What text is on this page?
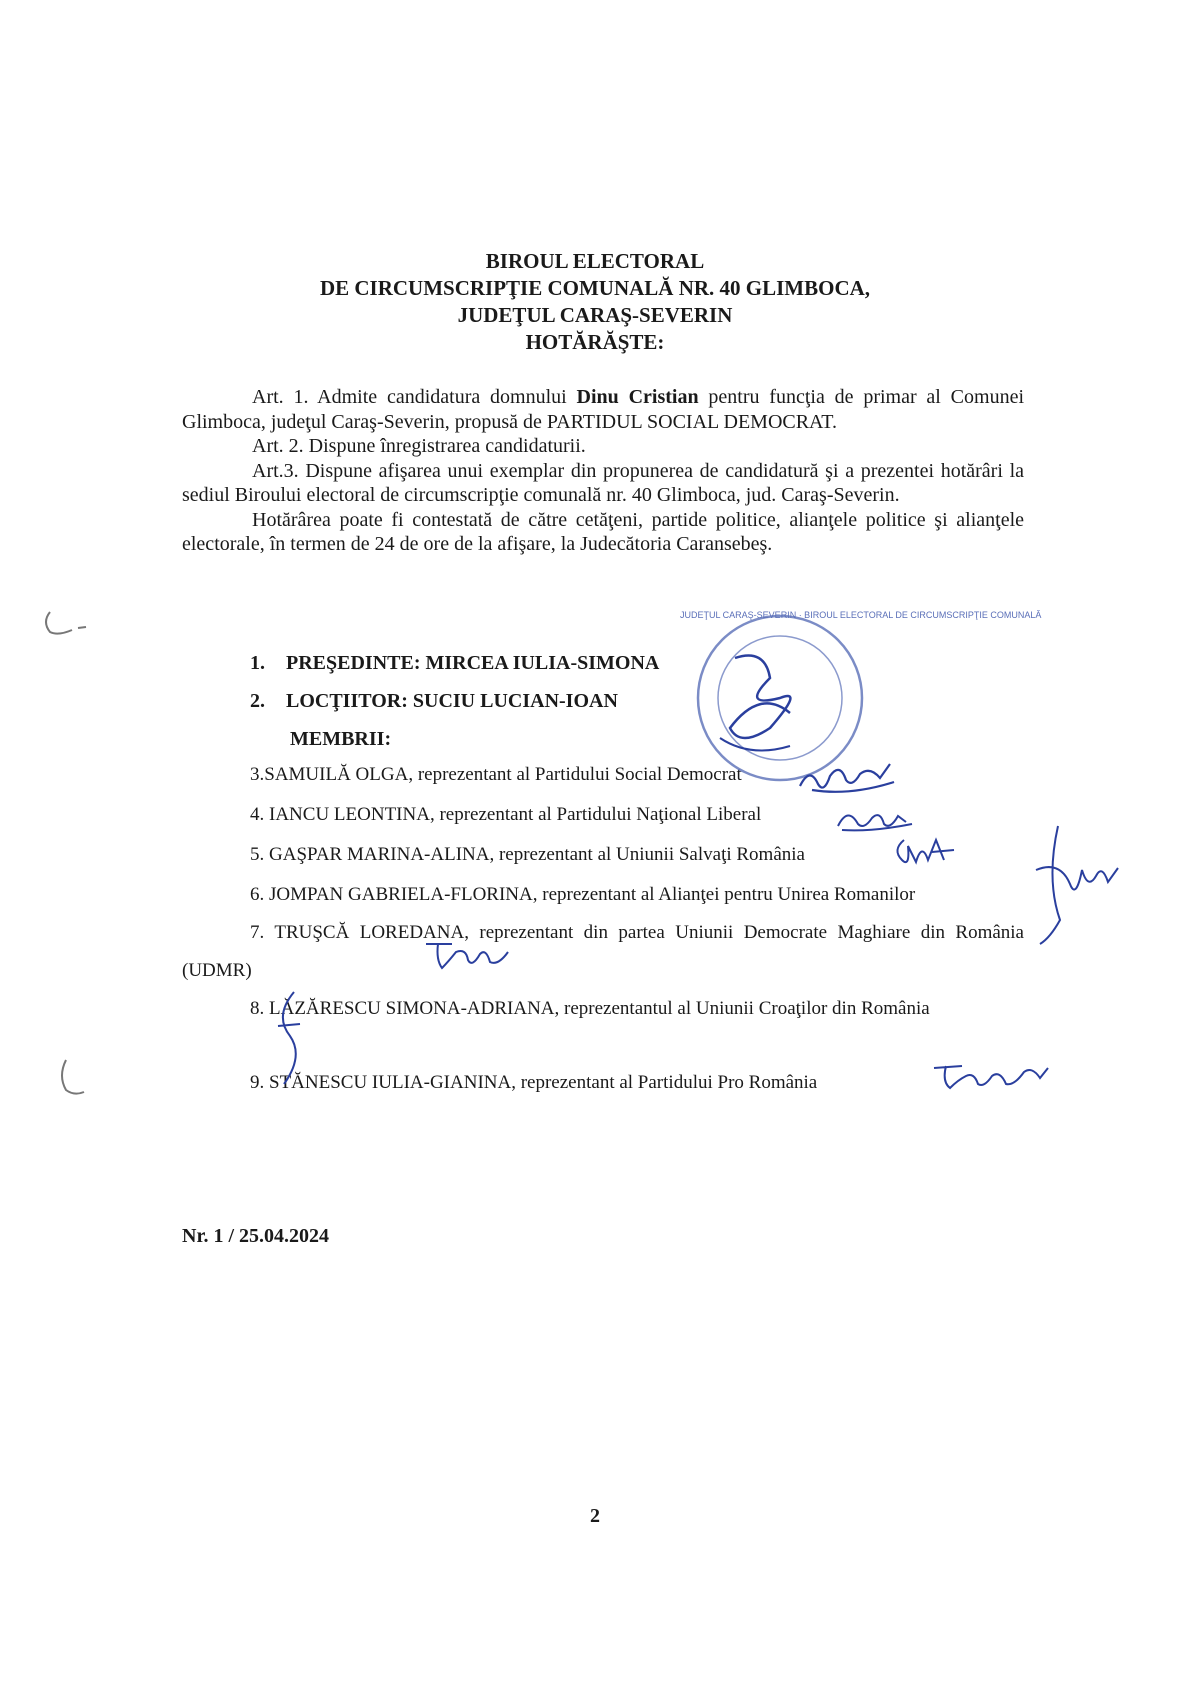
BIROUL ELECTORAL
DE CIRCUMSCRIPŢIE COMUNALĂ NR. 40 GLIMBOCA,
JUDEŢUL CARAŞ-SEVERIN
HOTĂRĂŞTE:

Art. 1. Admite candidatura domnului Dinu Cristian pentru funcţia de primar al Comunei Glimboca, judeţul Caraş-Severin, propusă de PARTIDUL SOCIAL DEMOCRAT.

Art. 2. Dispune înregistrarea candidaturii.

Art.3. Dispune afişarea unui exemplar din propunerea de candidatură şi a prezentei hotărâri la sediul Biroului electoral de circumscripţie comunală nr. 40 Glimboca, jud. Caraş-Severin.

Hotărârea poate fi contestată de către cetăţeni, partide politice, alianţele politice şi alianţele electorale, în termen de 24 de ore de la afişare, la Judecătoria Caransebeş.

1. PREŞEDINTE: MIRCEA IULIA-SIMONA
2. LOCŢIITOR: SUCIU LUCIAN-IOAN
MEMBRII:
3.SAMUILĂ OLGA, reprezentant al Partidului Social Democrat
4. IANCU LEONTINA, reprezentant al Partidului Naţional Liberal
5. GAŞPAR MARINA-ALINA, reprezentant al Uniunii Salvaţi România
6. JOMPAN GABRIELA-FLORINA, reprezentant al Alianţei pentru Unirea Romanilor
7. TRUŞCĂ LOREDANA, reprezentant din partea Uniunii Democrate Maghiare din România (UDMR)
8. LĂZĂRESCU SIMONA-ADRIANA, reprezentantul al Uniunii Croaţilor din România
9. STĂNESCU IULIA-GIANINA, reprezentant al Partidului Pro România
Nr. 1 / 25.04.2024
2
JUDEŢUL CARAŞ-SEVERIN · BIROUL ELECTORAL DE CIRCUMSCRIPŢIE COMUNALĂ
